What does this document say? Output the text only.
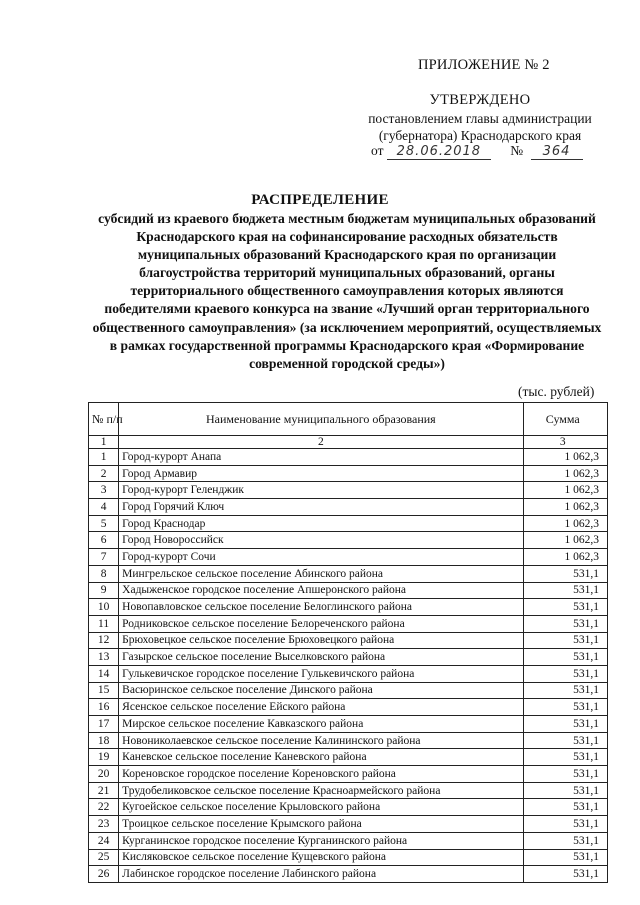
ПРИЛОЖЕНИЕ № 2
УТВЕРЖДЕНО
постановлением главы администрации
(губернатора) Краснодарского края
от 28.06.2018 № 364
РАСПРЕДЕЛЕНИЕ
субсидий из краевого бюджета местным бюджетам муниципальных образований Краснодарского края на софинансирование расходных обязательств муниципальных образований Краснодарского края по организации благоустройства территорий муниципальных образований, органы территориального общественного самоуправления которых являются победителями краевого конкурса на звание «Лучший орган территориального общественного самоуправления» (за исключением мероприятий, осуществляемых в рамках государственной программы Краснодарского края «Формирование современной городской среды»)
(тыс. рублей)
№ п/п	Наименование муниципального образования	Сумма
1	2	3
1	Город-курорт Анапа	1 062,3
2	Город Армавир	1 062,3
3	Город-курорт Геленджик	1 062,3
4	Город Горячий Ключ	1 062,3
5	Город Краснодар	1 062,3
6	Город Новороссийск	1 062,3
7	Город-курорт Сочи	1 062,3
8	Мингрельское сельское поселение Абинского района	531,1
9	Хадыженское городское поселение Апшеронского района	531,1
10	Новопавловское сельское поселение Белоглинского района	531,1
11	Родниковское сельское поселение Белореченского района	531,1
12	Брюховецкое сельское поселение Брюховецкого района	531,1
13	Газырское сельское поселение Выселковского района	531,1
14	Гулькевичское городское поселение Гулькевичского района	531,1
15	Васюринское сельское поселение Динского района	531,1
16	Ясенское сельское поселение Ейского района	531,1
17	Мирское сельское поселение Кавказского района	531,1
18	Новониколаевское сельское поселение Калининского района	531,1
19	Каневское сельское поселение Каневского района	531,1
20	Кореновское городское поселение Кореновского района	531,1
21	Трудобеликовское сельское поселение Красноармейского района	531,1
22	Кугоейское сельское поселение Крыловского района	531,1
23	Троицкое сельское поселение Крымского района	531,1
24	Курганинское городское поселение Курганинского района	531,1
25	Кисляковское сельское поселение Кущевского района	531,1
26	Лабинское городское поселение Лабинского района	531,1
